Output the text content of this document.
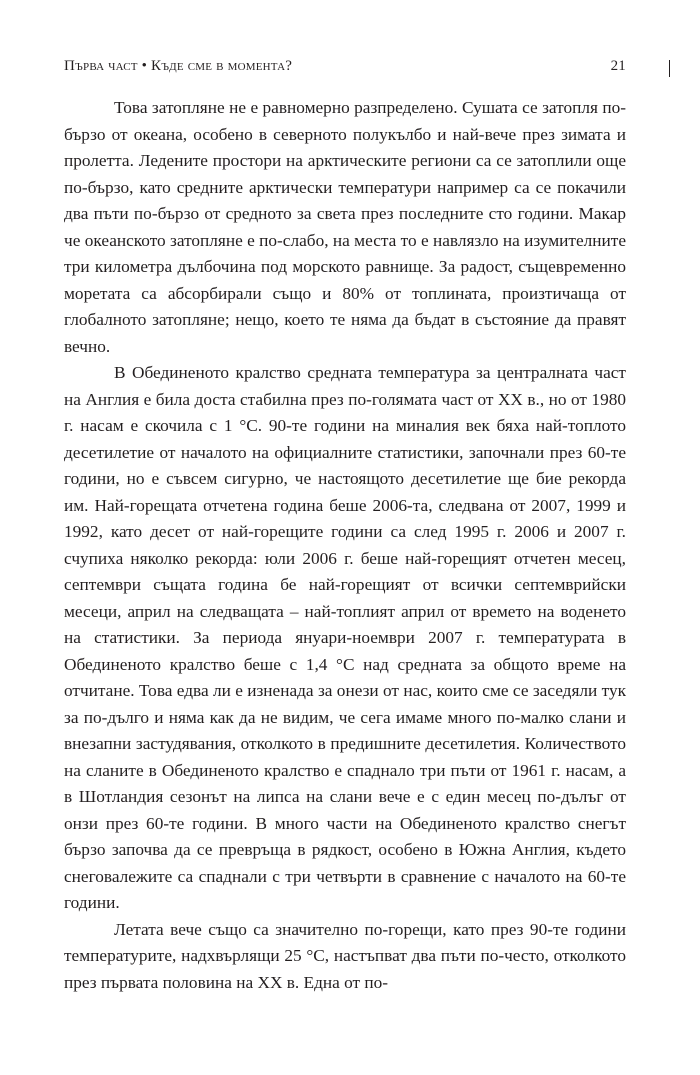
Първа част • Къде сме в момента?	21

Това затопляне не е равномерно разпределено. Сушата се затопля по-бързо от океана, особено в северното полукълбо и най-вече през зимата и пролетта. Ледените простори на арктическите региони са се затоплили още по-бързо, като средните арктически температури например са се покачили два пъти по-бързо от средното за света през последните сто години. Макар че океанското затопляне е по-слабо, на места то е навлязло на изумителните три километра дълбочина под морското равнище. За радост, същевременно моретата са абсорбирали също и 80% от топлината, произтичаща от глобалното затопляне; нещо, което те няма да бъдат в състояние да правят вечно.

В Обединеното кралство средната температура за централната част на Англия е била доста стабилна през по-голямата част от XX в., но от 1980 г. насам е скочила с 1 °C. 90-те години на миналия век бяха най-топлото десетилетие от началото на официалните статистики, започнали през 60-те години, но е съвсем сигурно, че настоящото десетилетие ще бие рекорда им. Най-горещата отчетена година беше 2006-та, следвана от 2007, 1999 и 1992, като десет от най-горещите години са след 1995 г. 2006 и 2007 г. счупиха няколко рекорда: юли 2006 г. беше най-горещият отчетен месец, септември същата година бе най-горещият от всички септемврийски месеци, април на следващата – най-топлият април от времето на воденето на статистики. За периода януари-ноември 2007 г. температурата в Обединеното кралство беше с 1,4 °C над средната за общото време на отчитане. Това едва ли е изненада за онези от нас, които сме се заседяли тук за по-дълго и няма как да не видим, че сега имаме много по-малко слани и внезапни застудявания, отколкото в предишните десетилетия. Количеството на сланите в Обединеното кралство е спаднало три пъти от 1961 г. насам, а в Шотландия сезонът на липса на слани вече е с един месец по-дълъг от онзи през 60-те години. В много части на Обединеното кралство снегът бързо започва да се превръща в рядкост, особено в Южна Англия, където снеговалежите са спаднали с три четвърти в сравнение с началото на 60-те години.

Летата вече също са значително по-горещи, като през 90-те години температурите, надхвърлящи 25 °C, настъпват два пъти по-често, отколкото през първата половина на XX в. Една от по-
